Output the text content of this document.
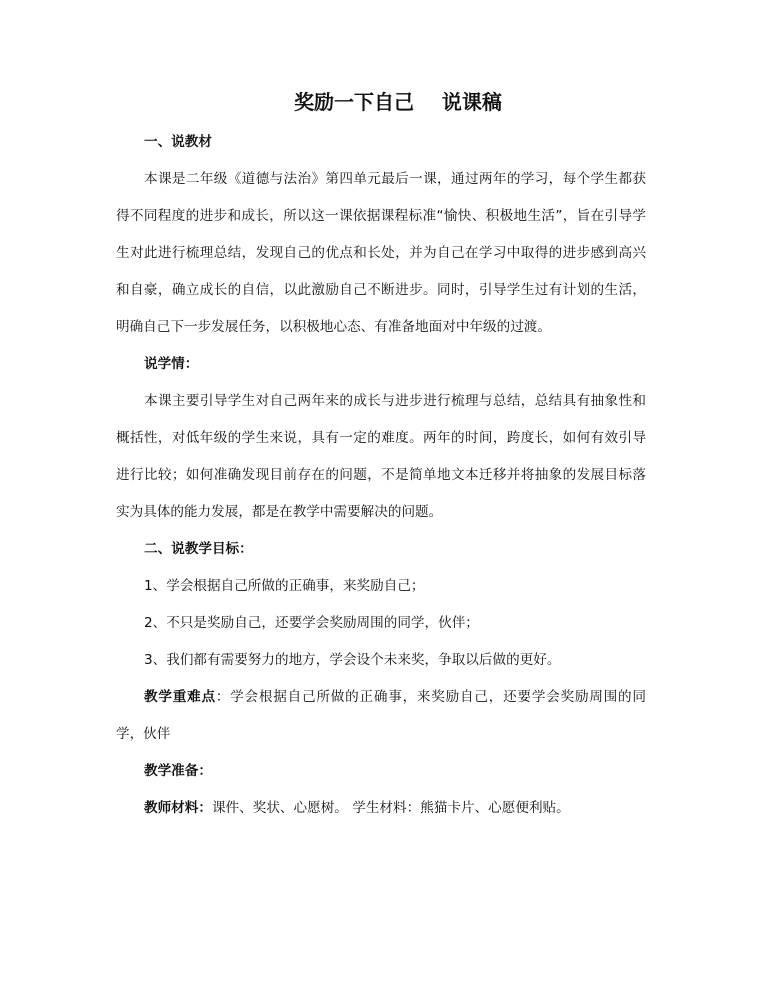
奖励一下自己    说课稿

一、说教材

本课是二年级《道德与法治》第四单元最后一课，通过两年的学习，每个学生都获得不同程度的进步和成长，所以这一课依据课程标准“愉快、积极地生活”，旨在引导学生对此进行梳理总结，发现自己的优点和长处，并为自己在学习中取得的进步感到高兴和自豪，确立成长的自信，以此激励自己不断进步。同时，引导学生过有计划的生活，明确自己下一步发展任务，以积极地心态、有准备地面对中年级的过渡。

说学情：

本课主要引导学生对自己两年来的成长与进步进行梳理与总结，总结具有抽象性和概括性，对低年级的学生来说，具有一定的难度。两年的时间，跨度长，如何有效引导进行比较；如何准确发现目前存在的问题，不是简单地文本迁移并将抽象的发展目标落实为具体的能力发展，都是在教学中需要解决的问题。

二、说教学目标：

1、学会根据自己所做的正确事，来奖励自己；

2、不只是奖励自己，还要学会奖励周围的同学，伙伴；

3、我们都有需要努力的地方，学会设个未来奖，争取以后做的更好。

教学重难点：学会根据自己所做的正确事，来奖励自己，还要学会奖励周围的同学，伙伴

教学准备：

教师材料：课件、奖状、心愿树。 学生材料：熊猫卡片、心愿便利贴。
